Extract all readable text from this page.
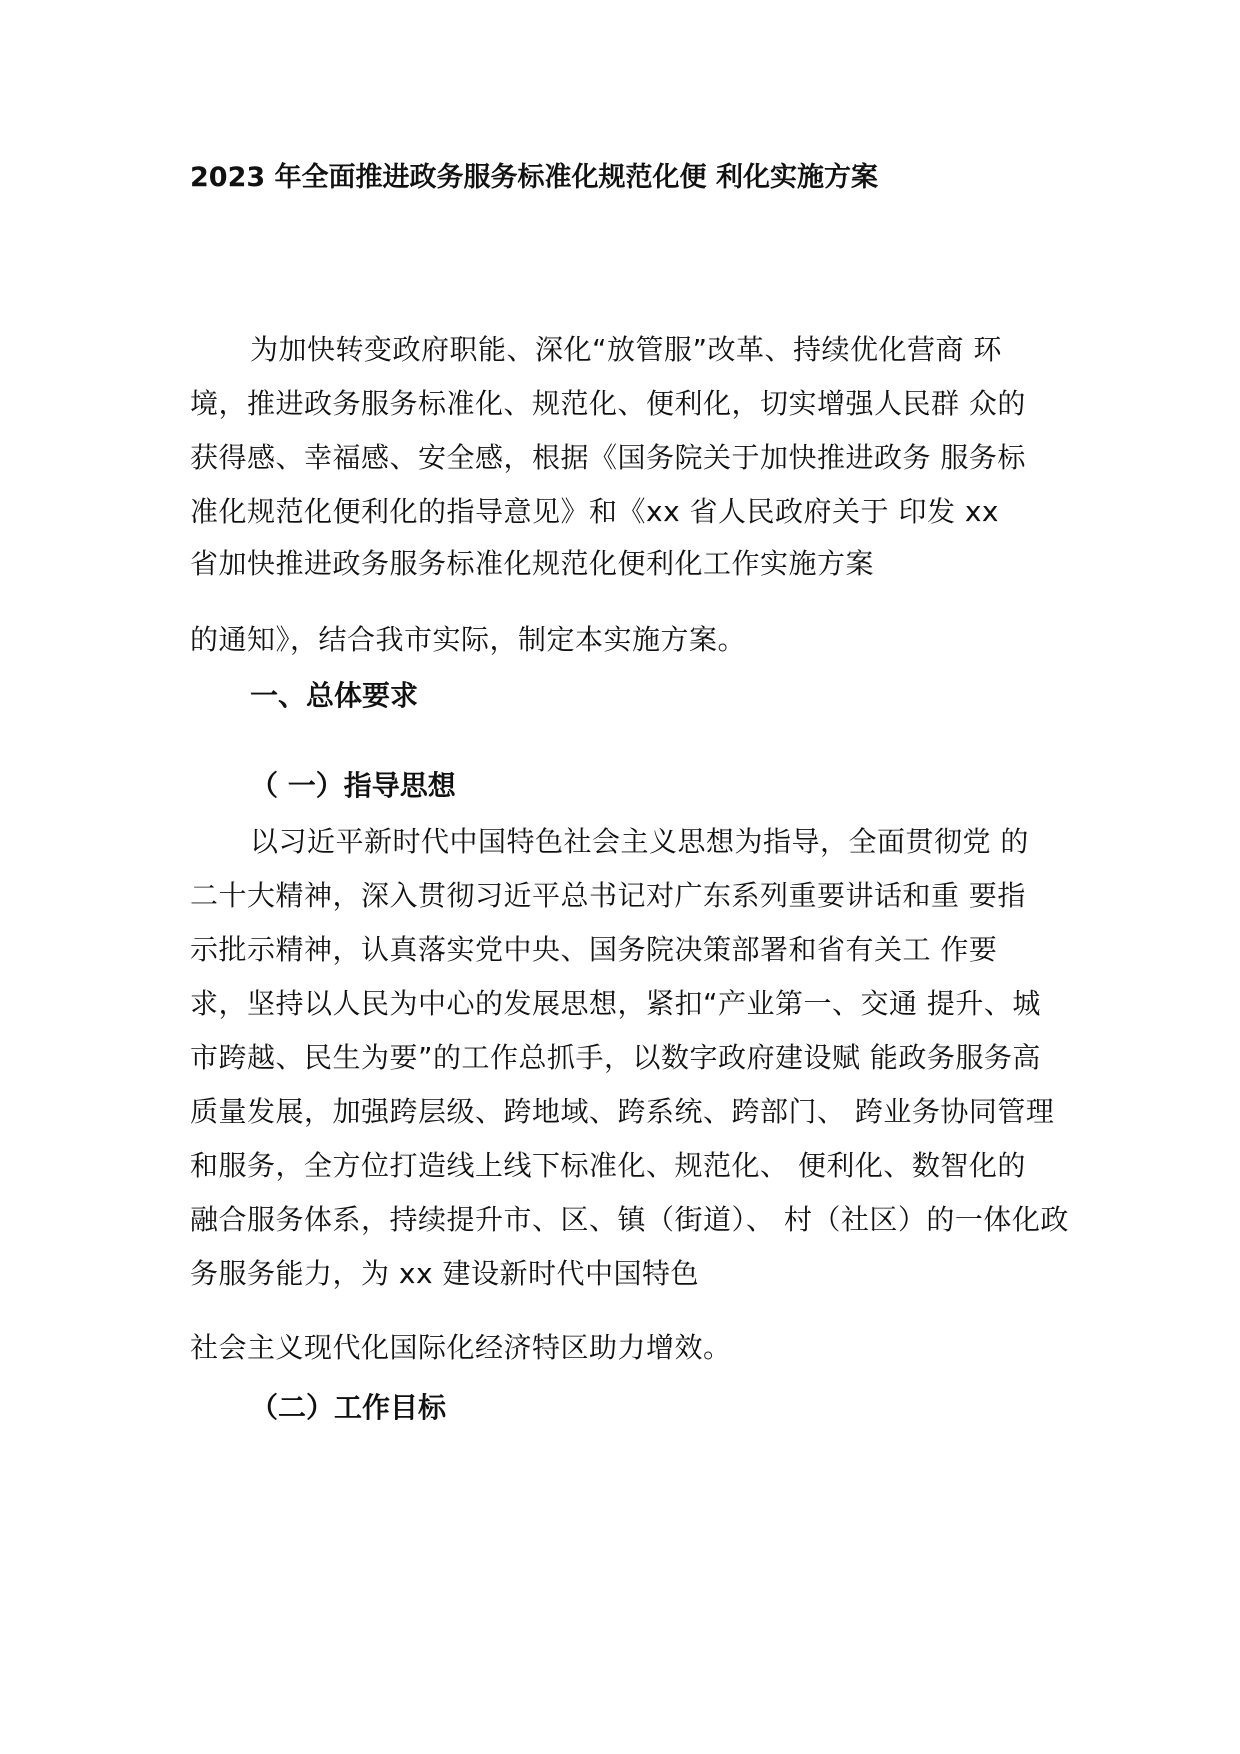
2023 年全面推进政务服务标准化规范化便 利化实施方案
为加快转变政府职能、深化“放管服”改革、持续优化营商 环
境，推进政务服务标准化、规范化、便利化，切实增强人民群 众的
获得感、幸福感、安全感，根据《国务院关于加快推进政务 服务标
准化规范化便利化的指导意见》和《xx 省人民政府关于 印发 xx
省加快推进政务服务标准化规范化便利化工作实施方案
的通知》，结合我市实际，制定本实施方案。
一、总体要求
（ 一）指导思想
以习近平新时代中国特色社会主义思想为指导，全面贯彻党 的
二十大精神，深入贯彻习近平总书记对广东系列重要讲话和重 要指
示批示精神，认真落实党中央、国务院决策部署和省有关工 作要
求，坚持以人民为中心的发展思想，紧扣“产业第一、交通 提升、城
市跨越、民生为要”的工作总抓手，以数字政府建设赋 能政务服务高
质量发展，加强跨层级、跨地域、跨系统、跨部门、 跨业务协同管理
和服务，全方位打造线上线下标准化、规范化、 便利化、数智化的
融合服务体系，持续提升市、区、镇（街道）、 村（社区）的一体化政
务服务能力，为 xx 建设新时代中国特色
社会主义现代化国际化经济特区助力增效。
（二）工作目标
